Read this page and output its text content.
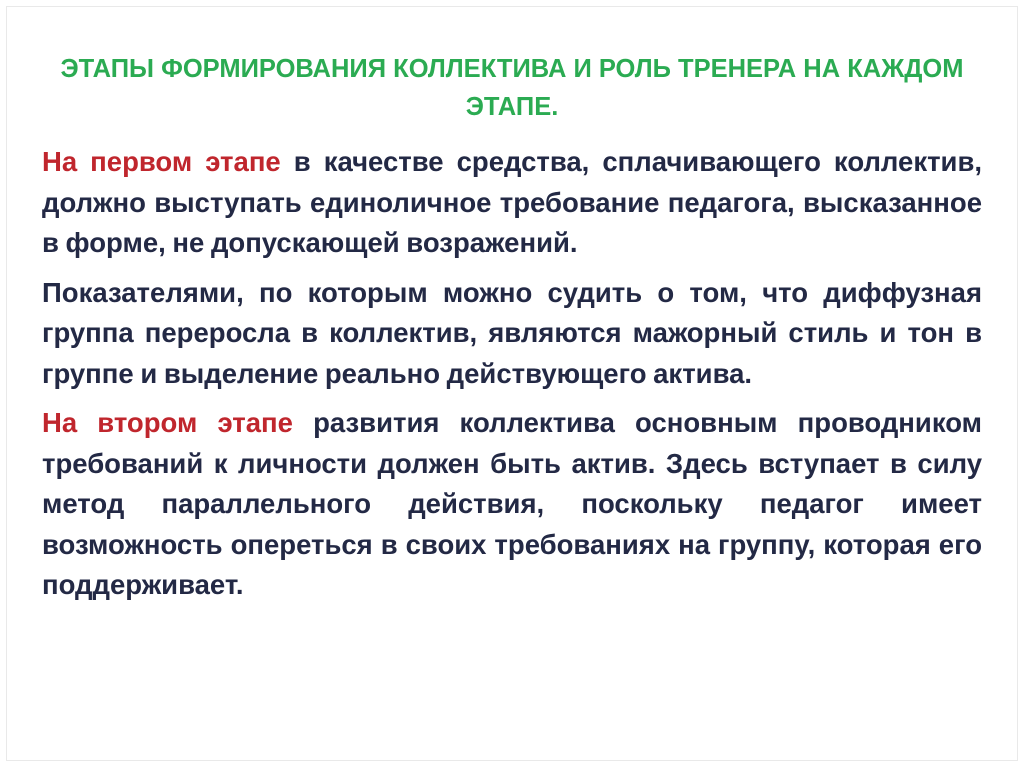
ЭТАПЫ ФОРМИРОВАНИЯ КОЛЛЕКТИВА И РОЛЬ ТРЕНЕРА НА КАЖДОМ ЭТАПЕ.

На первом этапе в качестве средства, сплачивающего коллектив, должно выступать единоличное требование педагога, высказанное в форме, не допускающей возражений.

Показателями, по которым можно судить о том, что диффузная группа переросла в коллектив, являются мажорный стиль и тон в группе и выделение реально действующего актива.

На втором этапе развития коллектива основным проводником требований к личности должен быть актив. Здесь вступает в силу метод параллельного действия, поскольку педагог имеет возможность опереться в своих требованиях на группу, которая его поддерживает.
